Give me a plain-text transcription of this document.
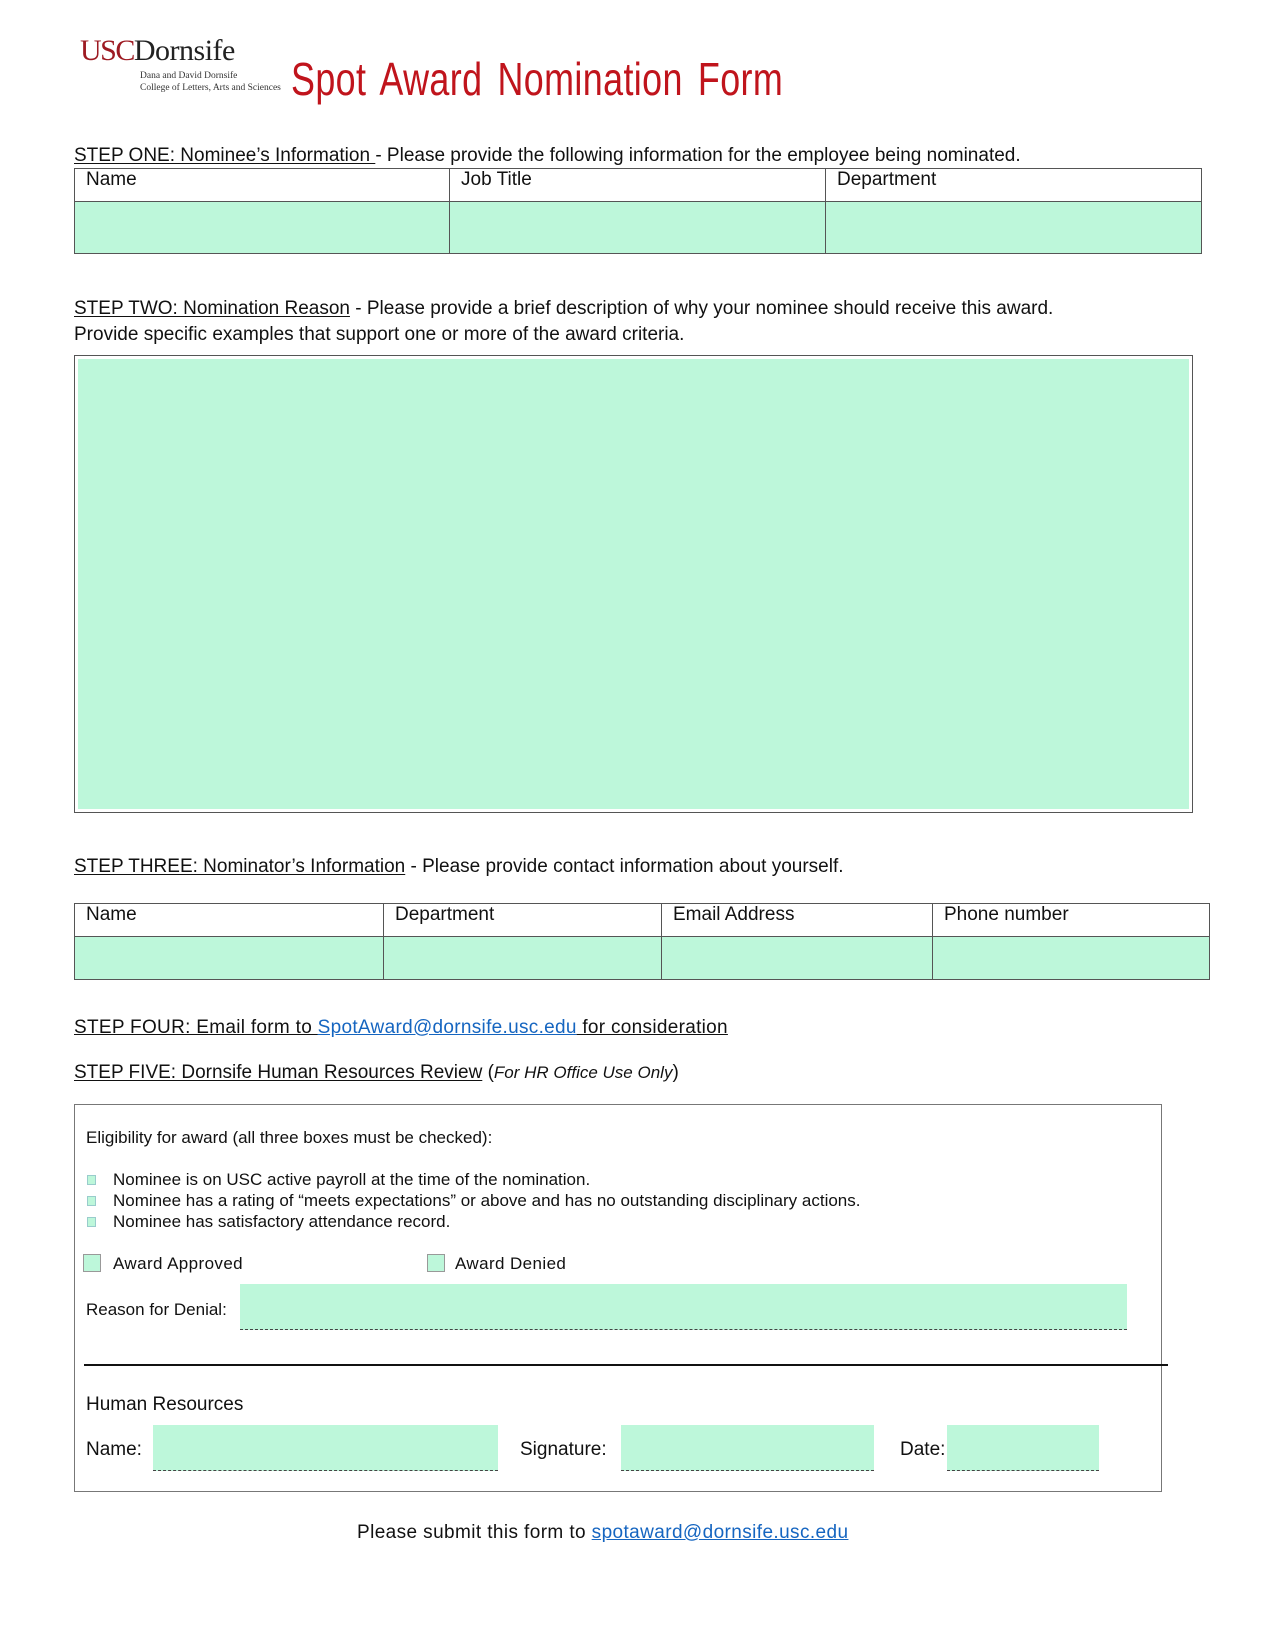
USCDornsife
Dana and David Dornsife
College of Letters, Arts and Sciences Spot Award Nomination Form
STEP ONE: Nominee’s Information - Please provide the following information for the employee being nominated.
Name	Job Title	Department

STEP TWO: Nomination Reason - Please provide a brief description of why your nominee should receive this award.
Provide specific examples that support one or more of the award criteria.
STEP THREE: Nominator’s Information - Please provide contact information about yourself.
Name	Department	Email Address	Phone number

STEP FOUR: Email form to SpotAward@dornsife.usc.edu for consideration
STEP FIVE: Dornsife Human Resources Review (For HR Office Use Only)
Eligibility for award (all three boxes must be checked):
Nominee is on USC active payroll at the time of the nomination.
Nominee has a rating of “meets expectations” or above and has no outstanding disciplinary actions.
Nominee has satisfactory attendance record.
Award Approved	Award Denied
Reason for Denial:
Human Resources
Name:	Signature:	Date:
Please submit this form to spotaward@dornsife.usc.edu
